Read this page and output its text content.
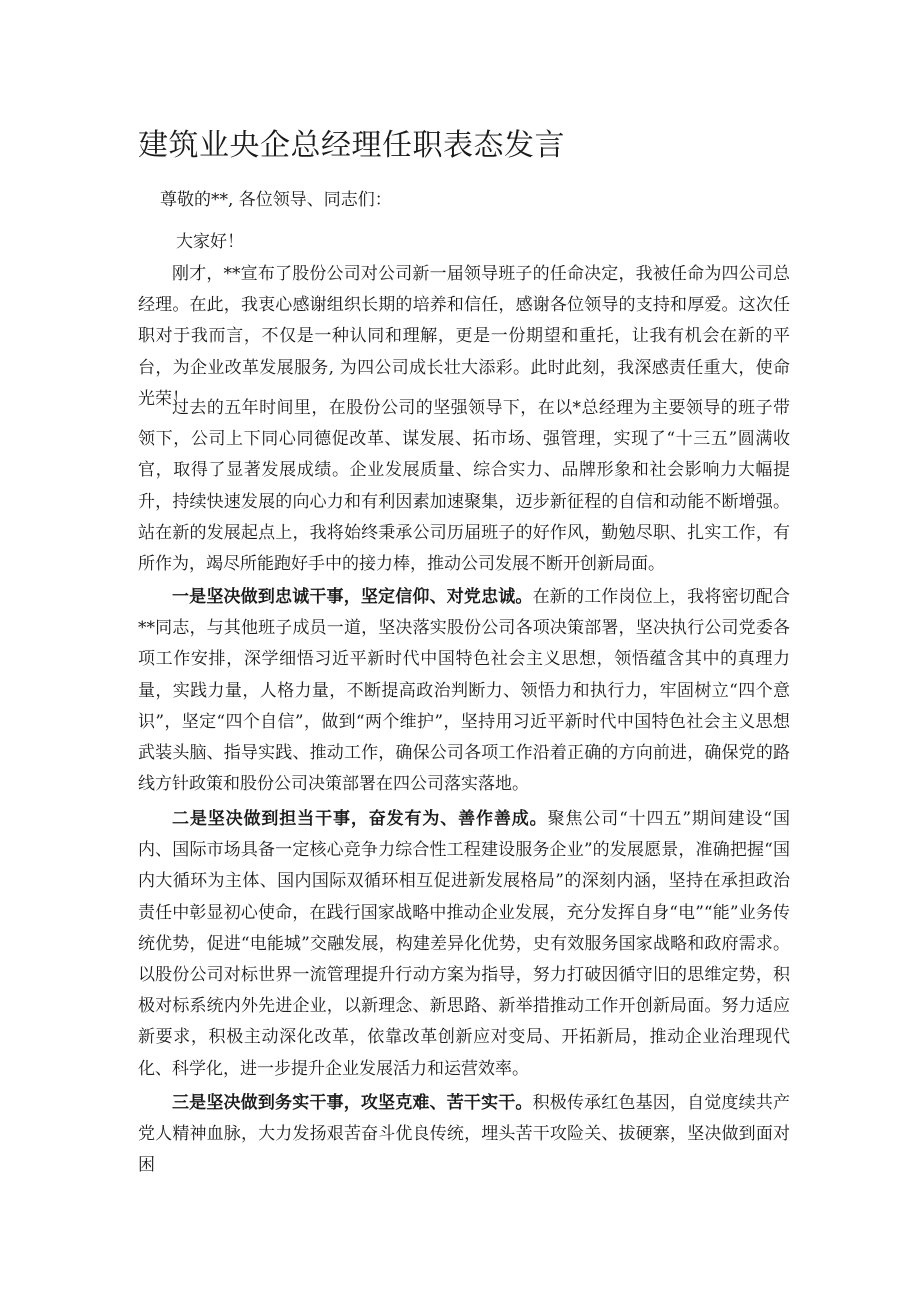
建筑业央企总经理任职表态发言
尊敬的**, 各位领导、同志们：
大家好！

刚才，**宣布了股份公司对公司新一届领导班子的任命决定，我被任命为四公司总经理。在此，我衷心感谢组织长期的培养和信任，感谢各位领导的支持和厚爱。这次任职对于我而言，不仅是一种认同和理解，更是一份期望和重托，让我有机会在新的平台，为企业改革发展服务, 为四公司成长壮大添彩。此时此刻，我深感责任重大，使命光荣！

过去的五年时间里，在股份公司的坚强领导下，在以*总经理为主要领导的班子带领下，公司上下同心同德促改革、谋发展、拓市场、强管理，实现了“十三五”圆满收官，取得了显著发展成绩。企业发展质量、综合实力、品牌形象和社会影响力大幅提升，持续快速发展的向心力和有利因素加速聚集，迈步新征程的自信和动能不断增强。站在新的发展起点上，我将始终秉承公司历届班子的好作风，勤勉尽职、扎实工作，有所作为，竭尽所能跑好手中的接力棒，推动公司发展不断开创新局面。

一是坚决做到忠诚干事，坚定信仰、对党忠诚。在新的工作岗位上，我将密切配合**同志，与其他班子成员一道，坚决落实股份公司各项决策部署，坚决执行公司党委各项工作安排，深学细悟习近平新时代中国特色社会主义思想，领悟蕴含其中的真理力量，实践力量，人格力量，不断提高政治判断力、领悟力和执行力，牢固树立“四个意识”，坚定“四个自信”，做到“两个维护”，坚持用习近平新时代中国特色社会主义思想武装头脑、指导实践、推动工作，确保公司各项工作沿着正确的方向前进，确保党的路线方针政策和股份公司决策部署在四公司落实落地。

二是坚决做到担当干事，奋发有为、善作善成。聚焦公司“十四五”期间建设“国内、国际市场具备一定核心竞争力综合性工程建设服务企业”的发展愿景，准确把握“国内大循环为主体、国内国际双循环相互促进新发展格局”的深刻内涵，坚持在承担政治责任中彰显初心使命，在践行国家战略中推动企业发展，充分发挥自身“电”“能”业务传统优势，促进“电能城”交融发展，构建差异化优势，史有效服务国家战略和政府需求。以股份公司对标世界一流管理提升行动方案为指导，努力打破因循守旧的思维定势，积极对标系统内外先进企业，以新理念、新思路、新举措推动工作开创新局面。努力适应新要求，积极主动深化改革，依靠改革创新应对变局、开拓新局，推动企业治理现代化、科学化，进一步提升企业发展活力和运营效率。

三是坚决做到务实干事，攻坚克难、苦干实干。积极传承红色基因，自觉度续共产党人精神血脉，大力发扬艰苦奋斗优良传统，埋头苦干攻险关、拔硬寨，坚决做到面对困
